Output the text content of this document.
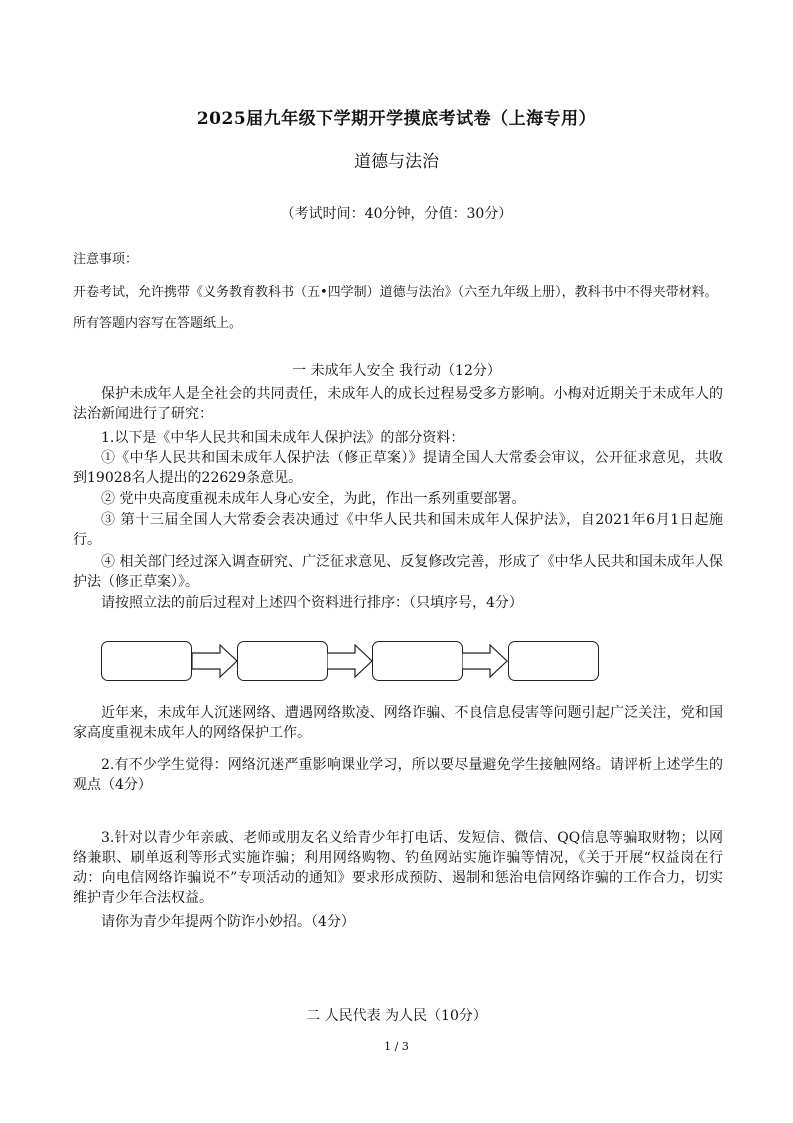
2025届九年级下学期开学摸底考试卷（上海专用）
道德与法治
（考试时间：40分钟，分值：30分）
注意事项：
开卷考试，允许携带《义务教育教科书（五•四学制）道德与法治》（六至九年级上册），教科书中不得夹带材料。所有答题内容写在答题纸上。
一 未成年人安全 我行动（12分）
保护未成年人是全社会的共同责任，未成年人的成长过程易受多方影响。小梅对近期关于未成年人的法治新闻进行了研究：
1.以下是《中华人民共和国未成年人保护法》的部分资料：
①《中华人民共和国未成年人保护法（修正草案）》提请全国人大常委会审议，公开征求意见，共收到19028名人提出的22629条意见。
② 党中央高度重视未成年人身心安全，为此，作出一系列重要部署。
③ 第十三届全国人大常委会表决通过《中华人民共和国未成年人保护法》，自2021年6月1日起施行。
④ 相关部门经过深入调查研究、广泛征求意见、反复修改完善，形成了《中华人民共和国未成年人保护法（修正草案）》。
请按照立法的前后过程对上述四个资料进行排序：（只填序号，4分）
近年来，未成年人沉迷网络、遭遇网络欺凌、网络诈骗、不良信息侵害等问题引起广泛关注，党和国家高度重视未成年人的网络保护工作。
2.有不少学生觉得：网络沉迷严重影响课业学习，所以要尽量避免学生接触网络。请评析上述学生的观点（4分）
3.针对以青少年亲戚、老师或朋友名义给青少年打电话、发短信、微信、QQ信息等骗取财物；以网络兼职、刷单返利等形式实施诈骗；利用网络购物、钓鱼网站实施诈骗等情况，《关于开展“权益岗在行动：向电信网络诈骗说不”专项活动的通知》要求形成预防、遏制和惩治电信网络诈骗的工作合力，切实维护青少年合法权益。
请你为青少年提两个防诈小妙招。（4分）
二 人民代表 为人民（10分）
1 / 3
